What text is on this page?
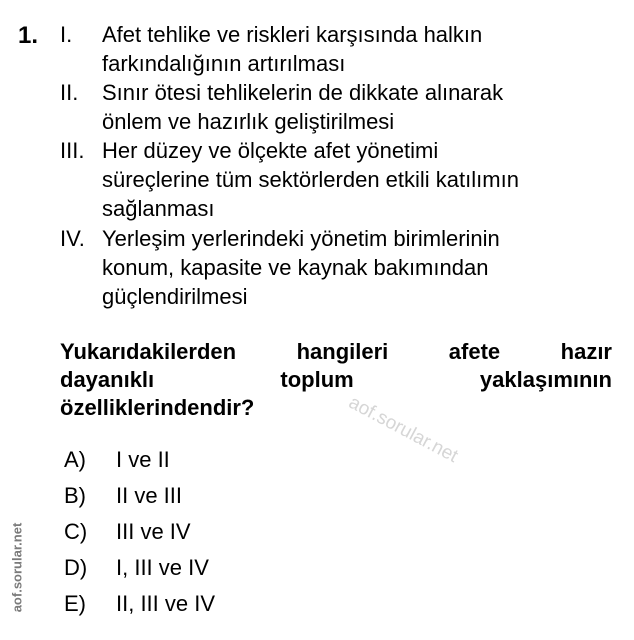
1. I.	Afet tehlike ve riskleri karşısında halkın
farkındalığının artırılması
II.	Sınır ötesi tehlikelerin de dikkate alınarak
önlem ve hazırlık geliştirilmesi
III. Her düzey ve ölçekte afet yönetimi
süreçlerine tüm sektörlerden etkili katılımın
sağlanması
IV. Yerleşim yerlerindeki yönetim birimlerinin
konum, kapasite ve kaynak bakımından
güçlendirilmesi
Yukarıdakilerden	hangileri	afete	hazır
dayanıklı	toplum	yaklaşımının
özelliklerindendir?
A) I ve II
B) II ve III
C) III ve IV
D) I, III ve IV
E) II, III ve IV
aof.sorular.net
aof.sorular.net
